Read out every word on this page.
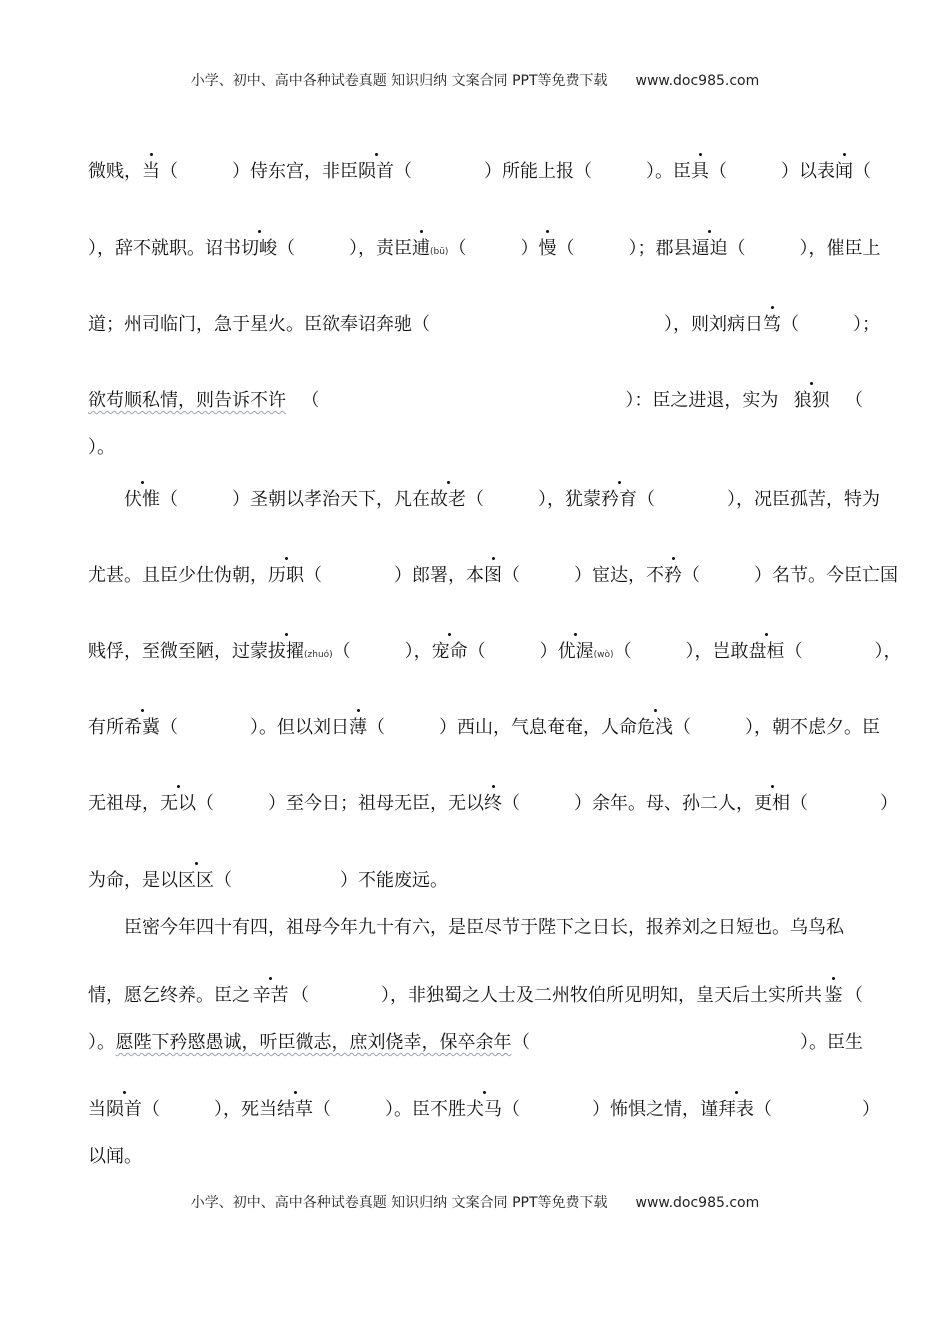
小学、初中、高中各种试卷真题 知识归纳 文案合同 PPT等免费下载 www.doc985.com
微贱， 当 （　　　）侍东宫，非臣 陨首 （　　　　）所能上报（　　　）。臣 具 （　　　）以表 闻 （
），辞不就职。诏书 切峻 （　　　），责臣 逋 (bū) （　　　） 慢 （　　　）；郡县 逼迫 （　　　），催臣上
道；州司临门，急于星火。臣欲奉诏奔驰（　　　　　　　　　　　　　），则刘病日 笃 （　　　）；
欲苟顺私情，则告诉不许 （　　　　　　　　　　　　　　　　　）：臣之进退，实为 狼狈 （
）。
伏惟 （　　　）圣朝以孝治天下，凡在 故老 （　　　），犹蒙 矜育 （　　　　），况臣孤苦，特为
尤甚。且臣少仕伪朝， 历职 （　　　　）郎署，本 图 （　　　）宦达，不 矜 （　　　）名节。今臣亡国
贱俘，至微至陋，过蒙 拔擢 (zhuó) （　　　）， 宠命 （　　　） 优渥 (wò) （　　　），岂敢 盘桓 （　　　　），
有所 希冀 （　　　　）。但以刘日 薄 （　　　）西山，气息奄奄，人命 危浅 （　　　），朝不虑夕。臣
无祖母， 无以 （　　　）至今日；祖母无臣，无以 终 （　　　）余年。母、孙二人， 更相 （　　　　）
为命，是以 区区 （　　　　　　）不能废远。
臣密今年四十有四，祖母今年九十有六，是臣尽节于陛下之日长，报养刘之日短也。乌鸟私
情，愿乞终养。臣之 辛苦 （　　　　），非独蜀之人士及二州牧伯所见明知，皇天后土实所共 鉴 （
）。 愿陛下矜愍愚诚，听臣微志，庶刘侥幸，保卒余年 （　　　　　　　　　　　　　　　）。臣生
当 陨首 （　　　），死当 结草 （　　　）。臣不胜 犬马 （　　　　）怖惧之情，谨 拜表 （　　　　　）
以闻。
小学、初中、高中各种试卷真题 知识归纳 文案合同 PPT等免费下载 www.doc985.com
